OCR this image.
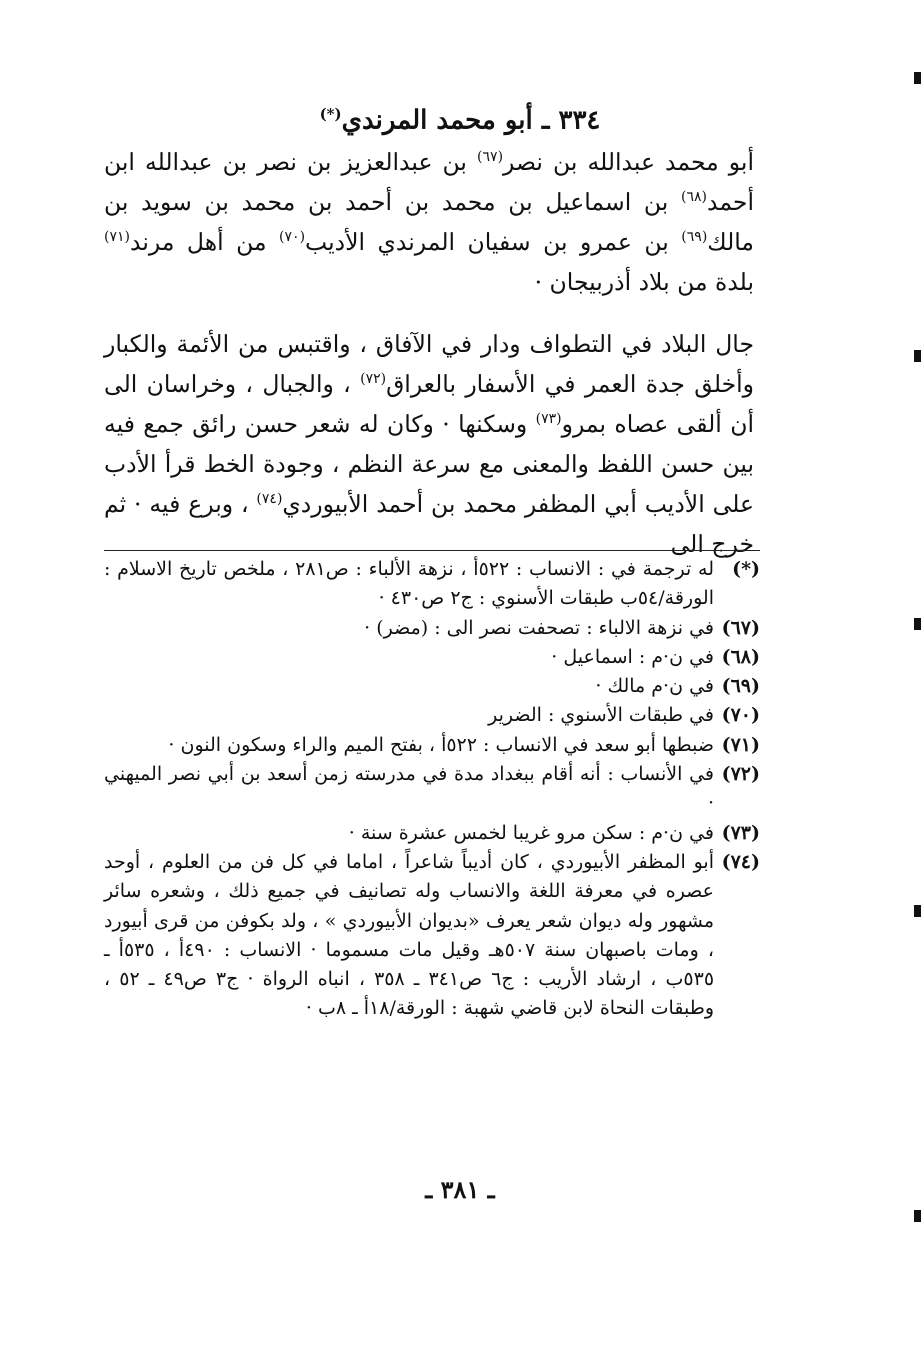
٣٣٤ ـ أبو محمد المرندي(*)

أبو محمد عبدالله بن نصر$^{(٦٧)}$ بن عبدالعزيز بن نصر بن عبدالله ابن أحمد$^{(٦٨)}$ بن اسماعيل بن محمد بن أحمد بن محمد بن سويد بن مالك$^{(٦٩)}$ بن عمرو بن سفيان المرندي الأديب$^{(٧٠)}$ من أهل مرند$^{(٧١)}$ بلدة من بلاد أذربيجان ·

جال البلاد في التطواف ودار في الآفاق ، واقتبس من الأئمة والكبار وأخلق جدة العمر في الأسفار بالعراق$^{(٧٢)}$ ، والجبال ، وخراسان الى أن ألقى عصاه بمرو$^{(٧٣)}$ وسكنها · وكان له شعر حسن رائق جمع فيه بين حسن اللفظ والمعنى مع سرعة النظم ، وجودة الخط قرأ الأدب على الأديب أبي المظفر محمد بن أحمد الأبيوردي$^{(٧٤)}$ ، وبرع فيه · ثم خرج الى

(*)
له ترجمة في : الانساب : ٥٢٢أ ، نزهة الألباء : ص٢٨١ ، ملخص تاريخ الاسلام : الورقة/٥٤ب طبقات الأسنوي : ج٢ ص٤٣٠ ·
(٦٧)
في نزهة الالباء : تصحفت نصر الى : (مضر) ·
(٦٨)
في ن·م : اسماعيل ·
(٦٩)
في ن·م مالك ·
(٧٠)
في طبقات الأسنوي : الضرير
(٧١)
ضبطها أبو سعد في الانساب : ٥٢٢أ ، بفتح الميم والراء وسكون النون ·
(٧٢)
في الأنساب : أنه أقام ببغداد مدة في مدرسته زمن أسعد بن أبي نصر الميهني ·
(٧٣)
في ن·م : سكن مرو غريبا لخمس عشرة سنة ·
(٧٤)
أبو المظفر الأبيوردي ، كان أديباً شاعراً ، اماما في كل فن من العلوم ، أوحد عصره في معرفة اللغة والانساب وله تصانيف في جميع ذلك ، وشعره سائر مشهور وله ديوان شعر يعرف «بديوان الأبيوردي » ، ولد بكوفن من قرى أبيورد ، ومات باصبهان سنة ٥٠٧هـ وقيل مات مسموما · الانساب : ٤٩٠أ ، ٥٣٥أ ـ ٥٣٥ب ، ارشاد الأريب : ج٦ ص٣٤١ ـ ٣٥٨ ، انباه الرواة · ج٣ ص٤٩ ـ ٥٢ ، وطبقات النحاة لابن قاضي شهبة : الورقة/١٨أ ـ ٨ب ·
ـ ٣٨١ ـ
